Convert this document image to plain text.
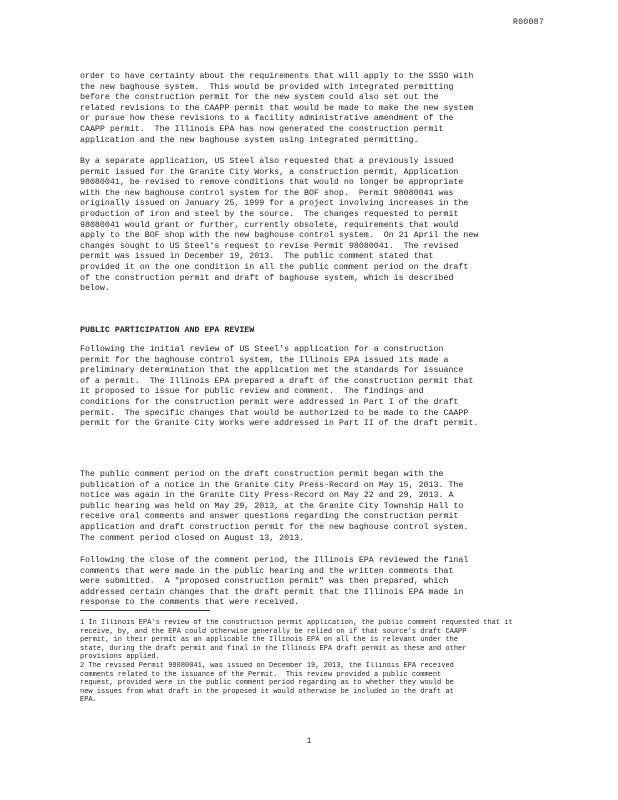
R00087

order to have certainty about the requirements that will apply to the SSSO with
the new baghouse system.  This would be provided with integrated permitting
before the construction permit for the new system could also set out the
related revisions to the CAAPP permit that would be made to make the new system
or pursue how these revisions to a facility administrative amendment of the
CAAPP permit.  The Illinois EPA has now generated the construction permit
application and the new baghouse system using integrated permitting.

By a separate application, US Steel also requested that a previously issued
permit issued for the Granite City Works, a construction permit, Application
98080041, be revised to remove conditions that would no longer be appropriate
with the new baghouse control system for the BOF shop.  Permit 98080041 was
originally issued on January 25, 1999 for a project involving increases in the
production of iron and steel by the source.  The changes requested to permit
98080041 would grant or further, currently obsolete, requirements that would
apply to the BOF shop with the new baghouse control system.  On 21 April the new
changes sought to US Steel's request to revise Permit 98080041.  The revised
permit was issued in December 19, 2013.  The public comment stated that
provided it on the one condition in all the public comment period on the draft
of the construction permit and draft of baghouse system, which is described
below.

PUBLIC PARTICIPATION AND EPA REVIEW

Following the initial review of US Steel's application for a construction
permit for the baghouse control system, the Illinois EPA issued its made a
preliminary determination that the application met the standards for issuance
of a permit.  The Illinois EPA prepared a draft of the construction permit that
it proposed to issue for public review and comment.  The findings and
conditions for the construction permit were addressed in Part I of the draft
permit.  The specific changes that would be authorized to be made to the CAAPP
permit for the Granite City Works were addressed in Part II of the draft permit.

The public comment period on the draft construction permit began with the
publication of a notice in the Granite City Press-Record on May 15, 2013. The
notice was again in the Granite City Press-Record on May 22 and 29, 2013. A
public hearing was held on May 29, 2013, at the Granite City Township Hall to
receive oral comments and answer questions regarding the construction permit
application and draft construction permit for the new baghouse control system.
The comment period closed on August 13, 2013.

Following the close of the comment period, the Illinois EPA reviewed the final
comments that were made in the public hearing and the written comments that
were submitted.  A "proposed construction permit" was then prepared, which
addressed certain changes that the draft permit that the Illinois EPA made in
response to the comments that were received.

1 In Illinois EPA's review of the construction permit application, the public comment requested that it
receive, by, and the EPA could otherwise generally be relied on if that source's draft CAAPP
permit, in their permit as an applicable the Illinois EPA on all the is relevant under the
state, during the draft permit and final in the Illinois EPA draft permit as these and other
provisions applied.

2 The revised Permit 98080041, was issued on December 19, 2013, the Illinois EPA received
comments related to the issuance of the Permit.  This review provided a public comment
request, provided were in the public comment period regarding as to whether they would be
new issues from what draft in the proposed it would otherwise be included in the draft at
EPA.

1
